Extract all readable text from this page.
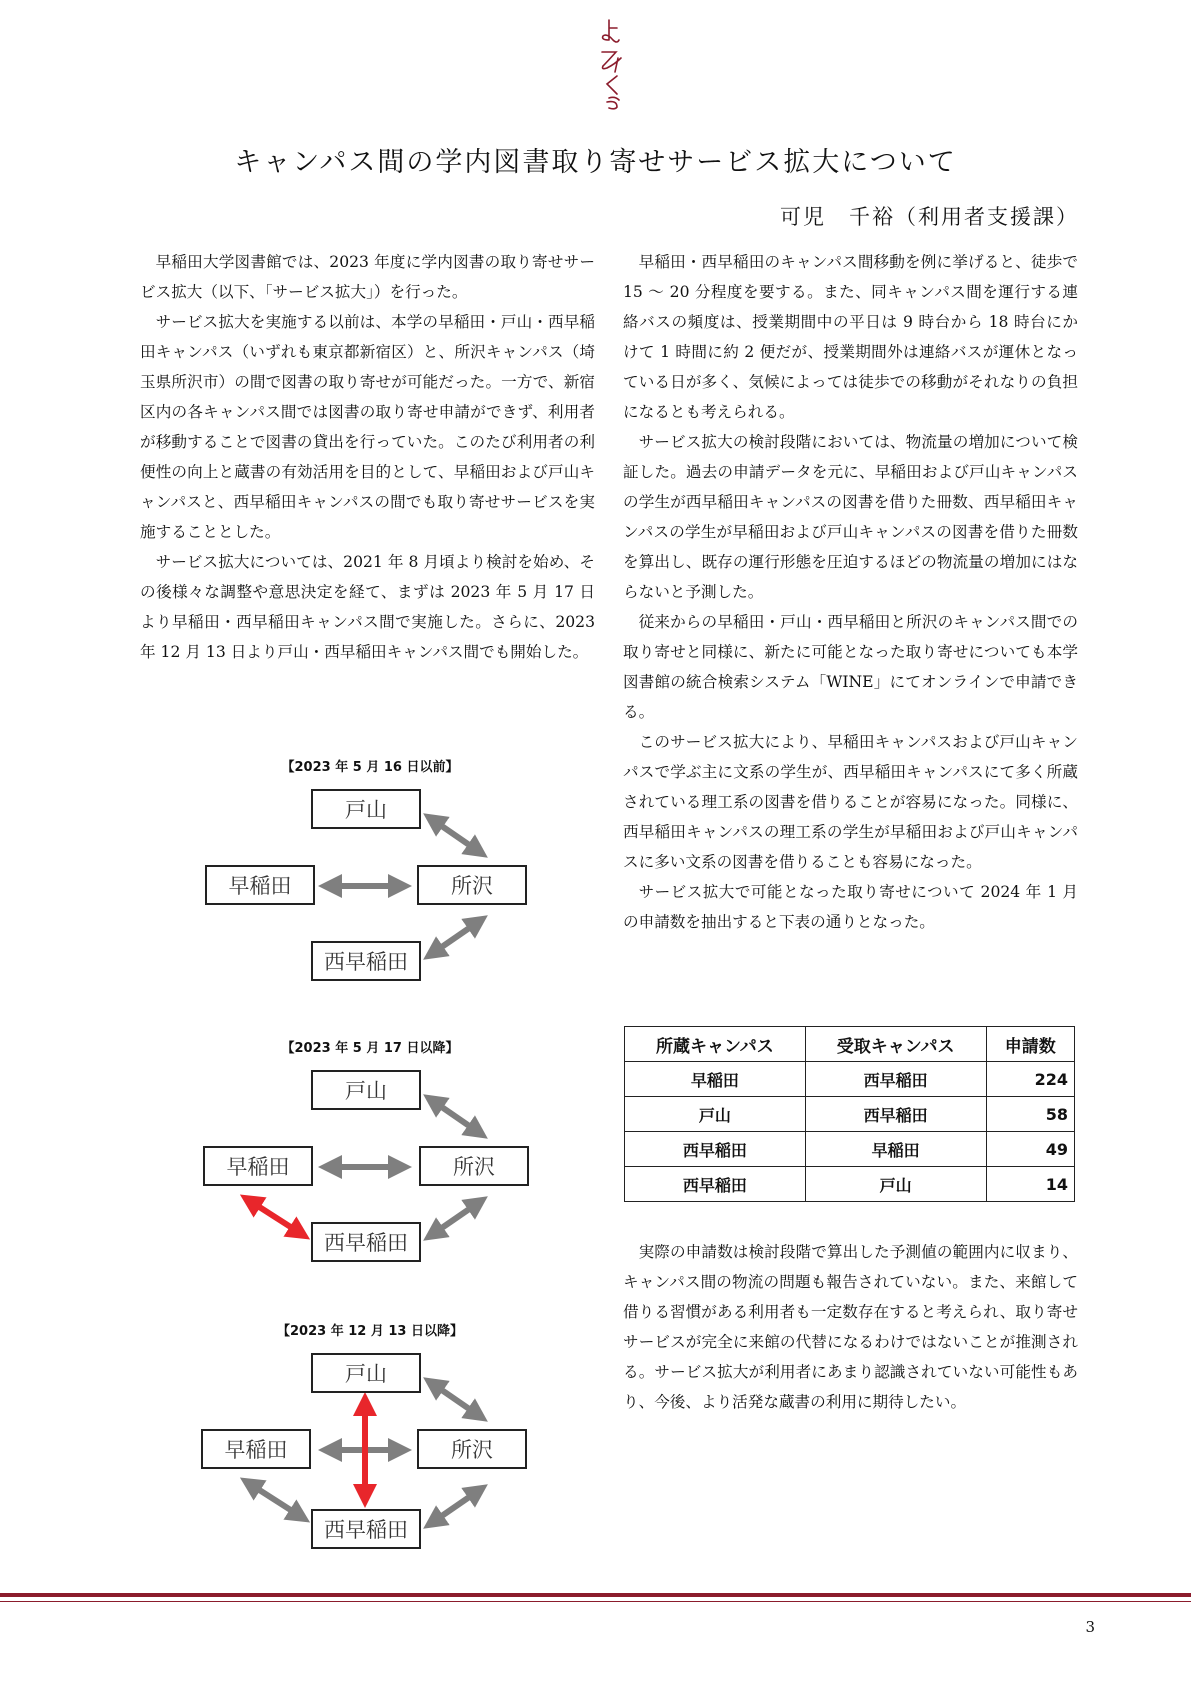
キャンパス間の学内図書取り寄せサービス拡大について
可児　千裕（利用者支援課）

早稲田大学図書館では、2023 年度に学内図書の取り寄せサービス拡大（以下、「サービス拡大」）を行った。

サービス拡大を実施する以前は、本学の早稲田・戸山・西早稲田キャンパス（いずれも東京都新宿区）と、所沢キャンパス（埼玉県所沢市）の間で図書の取り寄せが可能だった。一方で、新宿区内の各キャンパス間では図書の取り寄せ申請ができず、利用者が移動することで図書の貸出を行っていた。このたび利用者の利便性の向上と蔵書の有効活用を目的として、早稲田および戸山キャンパスと、西早稲田キャンパスの間でも取り寄せサービスを実施することとした。

サービス拡大については、2021 年 8 月頃より検討を始め、その後様々な調整や意思決定を経て、まずは 2023 年 5 月 17 日より早稲田・西早稲田キャンパス間で実施した。さらに、2023 年 12 月 13 日より戸山・西早稲田キャンパス間でも開始した。

【2023 年 5 月 16 日以前】
戸山
早稲田	所沢
西早稲田
【2023 年 5 月 17 日以降】
戸山
早稲田	所沢
西早稲田
【2023 年 12 月 13 日以降】
戸山
早稲田	所沢
西早稲田

早稲田・西早稲田のキャンパス間移動を例に挙げると、徒歩で 15 ～ 20 分程度を要する。また、同キャンパス間を運行する連絡バスの頻度は、授業期間中の平日は 9 時台から 18 時台にかけて 1 時間に約 2 便だが、授業期間外は連絡バスが運休となっている日が多く、気候によっては徒歩での移動がそれなりの負担になるとも考えられる。

サービス拡大の検討段階においては、物流量の増加について検証した。過去の申請データを元に、早稲田および戸山キャンパスの学生が西早稲田キャンパスの図書を借りた冊数、西早稲田キャンパスの学生が早稲田および戸山キャンパスの図書を借りた冊数を算出し、既存の運行形態を圧迫するほどの物流量の増加にはならないと予測した。

従来からの早稲田・戸山・西早稲田と所沢のキャンパス間での取り寄せと同様に、新たに可能となった取り寄せについても本学図書館の統合検索システム「WINE」にてオンラインで申請できる。

このサービス拡大により、早稲田キャンパスおよび戸山キャンパスで学ぶ主に文系の学生が、西早稲田キャンパスにて多く所蔵されている理工系の図書を借りることが容易になった。同様に、西早稲田キャンパスの理工系の学生が早稲田および戸山キャンパスに多い文系の図書を借りることも容易になった。

サービス拡大で可能となった取り寄せについて 2024 年 1 月の申請数を抽出すると下表の通りとなった。

所蔵キャンパス	受取キャンパス	申請数
早稲田	西早稲田	224
戸山	西早稲田	58
西早稲田	早稲田	49
西早稲田	戸山	14

実際の申請数は検討段階で算出した予測値の範囲内に収まり、キャンパス間の物流の問題も報告されていない。また、来館して借りる習慣がある利用者も一定数存在すると考えられ、取り寄せサービスが完全に来館の代替になるわけではないことが推測される。サービス拡大が利用者にあまり認識されていない可能性もあり、今後、より活発な蔵書の利用に期待したい。

3
